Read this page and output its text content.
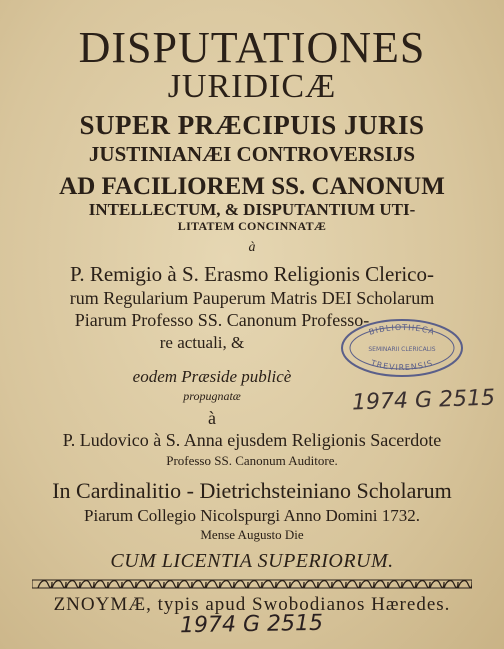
DISPUTATIONES
JURIDICÆ
SUPER PRÆCIPUIS JURIS
JUSTINIANÆI CONTROVERSIJS
AD FACILIOREM SS. CANONUM
INTELLECTUM, & DISPUTANTIUM UTI-
LITATEM CONCINNATÆ
à
P. Remigio à S. Erasmo Religionis Clerico-
rum Regularium Pauperum Matris DEI Scholarum
Piarum Professo SS. Canonum Professo-
re actuali, &
eodem Præside publicè
propugnatæ
à
P. Ludovico à S. Anna ejusdem Religionis Sacerdote
Professo SS. Canonum Auditore.
In Cardinalitio - Dietrichsteiniano Scholarum
Piarum Collegio Nicolspurgi Anno Domini 1732.
Mense Augusto Die
CUM LICENTIA SUPERIORUM.
ZNOYMÆ, typis apud Swobodianos Hæredes.
BIBLIOTHECA
SEMINARII CLERICALIS
TREVIRENSIS
1974 G 2515
1974 G 2515
